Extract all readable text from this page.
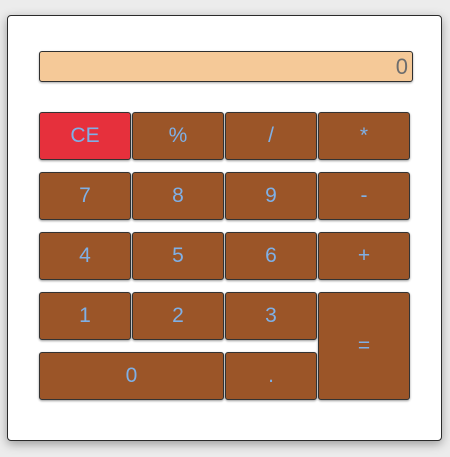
0
CE	%	/	*
7	8	9	-
4	5	6	+
1	2	3
=
0	.
